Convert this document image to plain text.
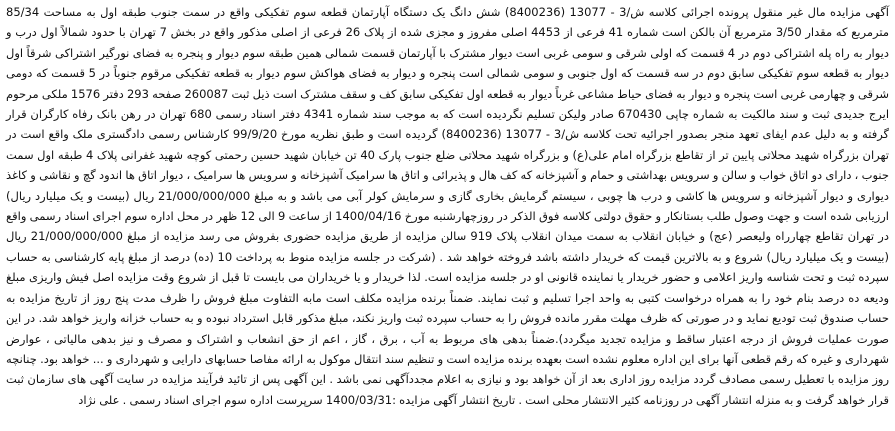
آگهی مزایده مال غیر منقول پرونده اجرائی کلاسه ش/3 - 13077 (8400236) شش دانگ یک دستگاه آپارتمان قطعه سوم تفکیکی واقع در سمت جنوب طبقه اول به مساحت 85/34 مترمربع که مقدار 3/50 مترمربع آن بالکن است شماره 41 فرعی از 4453 اصلی مفروز و مجزی شده از پلاک 26 فرعی از اصلی مذکور واقع در بخش 7 تهران با حدود شمالاً اول درب و دیوار به راه پله اشتراکی دوم در 4 قسمت که اولی شرقی و سومی غربی است دیوار مشترک با آپارتمان قسمت شمالی همین طبقه سوم دیوار و پنجره به فضای نورگیر اشتراکی شرقاً اول دیوار به قطعه سوم تفکیکی سابق دوم در سه قسمت که اول جنوبی و سومی شمالی است پنجره و دیوار به فضای هواکش سوم دیوار به قطعه تفکیکی مرقوم جنوباً در 5 قسمت که دومی شرقی و چهارمی غربی است پنجره و دیوار به فضای حیاط مشاعی غرباً دیوار به قطعه اول تفکیکی سابق کف و سقف مشترک است ذیل ثبت 260087 صفحه 293 دفتر 1576 ملکی مرحوم ایرج جدیدی ثبت و سند مالکیت به شماره چاپی 670430 صادر ولیکن تسلیم نگردیده است که به موجب سند شماره 4341 دفتر اسناد رسمی 680 تهران در رهن بانک رفاه کارگران قرار گرفته و به دلیل عدم ایفای تعهد منجر بصدور اجرائیه تحت کلاسه ش/3 - 13077 (8400236) گردیده است و طبق نظریه مورخ 99/9/20 کارشناس رسمی دادگستری ملک واقع است در تهران بزرگراه شهید محلاتی پایین تر از تقاطع بزرگراه امام علی(ع) و بزرگراه شهید محلاتی ضلع جنوب پارک 40 تن خیابان شهید حسین رحمتی کوچه شهید غفرانی پلاک 4 طبقه اول سمت جنوب ، دارای دو اتاق خواب و سالن و سرویس بهداشتی و حمام و آشپزخانه که کف هال و پذیرائی و اتاق ها سرامیک آشپزخانه و سرویس ها سرامیک ، دیوار اتاق ها اندود گچ و نقاشی و کاغذ دیواری و دیوار آشپزخانه و سرویس ها کاشی و درب ها چوبی ، سیستم گرمایش بخاری گازی و سرمایش کولر آبی می باشد و به مبلغ 21/000/000/000 ریال (بیست و یک میلیارد ریال) ارزیابی شده است و جهت وصول طلب بستانکار و حقوق دولتی کلاسه فوق الذکر در روزچهارشنبه مورخ 1400/04/16 از ساعت 9 الی 12 ظهر در محل اداره سوم اجرای اسناد رسمی واقع در تهران تقاطع چهارراه ولیعصر (عج) و خیابان انقلاب به سمت میدان انقلاب پلاک 919 سالن مزایده از طریق مزایده حضوری بفروش می رسد مزایده از مبلغ 21/000/000/000 ریال (بیست و یک میلیارد ریال) شروع و به بالاترین قیمت که خریدار داشته باشد فروخته خواهد شد . (شرکت در جلسه مزایده منوط به پرداخت 10 (ده) درصد از مبلغ پایه کارشناسی به حساب سپرده ثبت و تحت شناسه واریز اعلامی و حضور خریدار یا نماینده قانونی او در جلسه مزایده است. لذا خریدار و یا خریداران می بایست تا قبل از شروع وقت مزایده اصل فیش واریزی مبلغ ودیعه ده درصد بنام خود را به همراه درخواست کتبی به واحد اجرا تسلیم و ثبت نمایند. ضمناً برنده مزایده مکلف است مابه التفاوت مبلغ فروش را ظرف مدت پنج روز از تاریخ مزایده به حساب صندوق ثبت تودیع نماید و در صورتی که ظرف مهلت مقرر مانده فروش را به حساب سپرده ثبت واریز نکند، مبلغ مذکور قابل استرداد نبوده و به حساب خزانه واریز خواهد شد. در این صورت عملیات فروش از درجه اعتبار ساقط و مزایده تجدید میگردد).ضمناً بدهی های مربوط به آب ، برق ، گاز ، اعم از حق انشعاب و اشتراک و مصرف و نیز بدهی مالیاتی ، عوارض شهرداری و غیره که رقم قطعی آنها برای این اداره معلوم نشده است بعهده برنده مزایده است و تنظیم سند انتقال موکول به ارائه مفاصا حسابهای دارایی و شهرداری و ... خواهد بود. چنانچه روز مزایده با تعطیل رسمی مصادف گردد مزایده روز اداری بعد از آن خواهد بود و نیازی به اعلام مجددآگهی نمی باشد . این آگهی پس از تائید فرآیند مزایده در سایت آگهی های سازمان ثبت قرار خواهد گرفت و به منزله انتشار آگهی در روزنامه کثیر الانتشار محلی است . تاریخ انتشار آگهی مزایده :1400/03/31 سرپرست اداره سوم اجرای اسناد رسمی . علی نژاد
